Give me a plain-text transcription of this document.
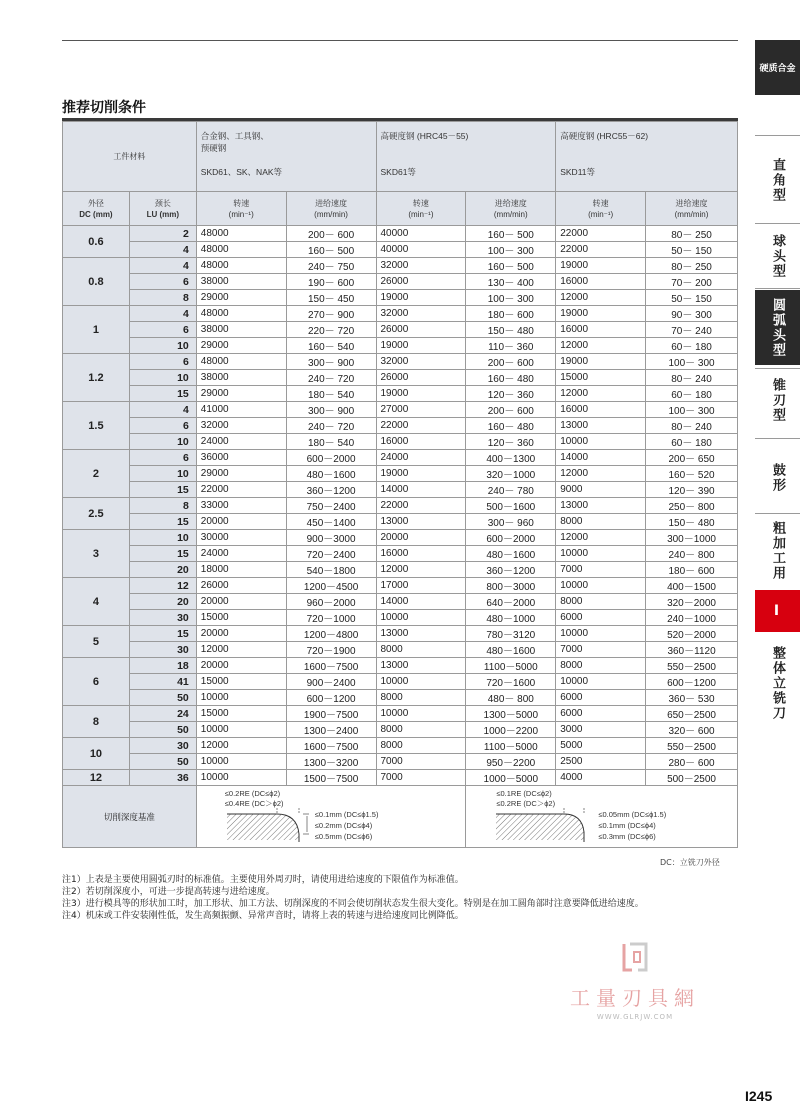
硬质合金
直角型
球头型
圆弧头型
锥刃型
鼓形
粗加工用
I
整体立铣刀
推荐切削条件
工件材料		合金钢、工具钢、
预硬钢

SKD61、SK、NAK等		高硬度钢 (HRC45－55)

SKD61等		高硬度钢 (HRC55－62)

SKD11等	
外径
DC (mm)	颈长
LU (mm)	转速
(min⁻¹)	进给速度
(mm/min)	转速
(min⁻¹)	进给速度
(mm/min)	转速
(min⁻¹)	进给速度
(mm/min)
0.6	2	48000	200－ 600	40000	160－ 500	22000	80－ 250
	4	48000	160－ 500	40000	100－ 300	22000	50－ 150
0.8	4	48000	240－ 750	32000	160－ 500	19000	80－ 250
	6	38000	190－ 600	26000	130－ 400	16000	70－ 200
	8	29000	150－ 450	19000	100－ 300	12000	50－ 150
1	4	48000	270－ 900	32000	180－ 600	19000	90－ 300
	6	38000	220－ 720	26000	150－ 480	16000	70－ 240
	10	29000	160－ 540	19000	110－ 360	12000	60－ 180
1.2	6	48000	300－ 900	32000	200－ 600	19000	100－ 300
	10	38000	240－ 720	26000	160－ 480	15000	80－ 240
	15	29000	180－ 540	19000	120－ 360	12000	60－ 180
1.5	4	41000	300－ 900	27000	200－ 600	16000	100－ 300
	6	32000	240－ 720	22000	160－ 480	13000	80－ 240
	10	24000	180－ 540	16000	120－ 360	10000	60－ 180
2	6	36000	600－2000	24000	400－1300	14000	200－ 650
	10	29000	480－1600	19000	320－1000	12000	160－ 520
	15	22000	360－1200	14000	240－ 780	9000	120－ 390
2.5	8	33000	750－2400	22000	500－1600	13000	250－ 800
	15	20000	450－1400	13000	300－ 960	8000	150－ 480
3	10	30000	900－3000	20000	600－2000	12000	300－1000
	15	24000	720－2400	16000	480－1600	10000	240－ 800
	20	18000	540－1800	12000	360－1200	7000	180－ 600
4	12	26000	1200－4500	17000	800－3000	10000	400－1500
	20	20000	960－2000	14000	640－2000	8000	320－2000
	30	15000	720－1000	10000	480－1000	6000	240－1000
5	15	20000	1200－4800	13000	780－3120	10000	520－2000
	30	12000	720－1900	8000	480－1600	7000	360－1120
6	18	20000	1600－7500	13000	1100－5000	8000	550－2500
	41	15000	900－2400	10000	720－1600	10000	600－1200
	50	10000	600－1200	8000	480－ 800	6000	360－ 530
8	24	15000	1900－7500	10000	1300－5000	6000	650－2500
	50	10000	1300－2400	8000	1000－2200	3000	320－ 600
10	30	12000	1600－7500	8000	1100－5000	5000	550－2500
	50	10000	1300－3200	7000	950－2200	2500	280－ 600
12	36	10000	1500－7500	7000	1000－5000	4000	500－2500
切削深度基准		≤0.2RE (DC≤ϕ2)
≤0.4RE (DC＞ϕ2)
≤0.1mm (DC≤ϕ1.5)
≤0.2mm (DC≤ϕ4)
≤0.5mm (DC≤ϕ6)			≤0.1RE (DC≤ϕ2)
≤0.2RE (DC＞ϕ2)
≤0.05mm (DC≤ϕ1.5)
≤0.1mm (DC≤ϕ4)
≤0.3mm (DC≤ϕ6)		
DC：立铣刀外径
注1）上表是主要使用圆弧刃时的标准值。主要使用外周刃时，请使用进给速度的下限值作为标准值。
注2）若切削深度小，可进一步提高转速与进给速度。
注3）进行模具等的形状加工时，加工形状、加工方法、切削深度的不同会使切削状态发生很大变化。特别是在加工圆角部时注意要降低进给速度。
注4）机床或工件安装刚性低，发生高频振颤、异常声音时，请将上表的转速与进给速度同比例降低。
工量刃具網
WWW.GLRJW.COM
I245
